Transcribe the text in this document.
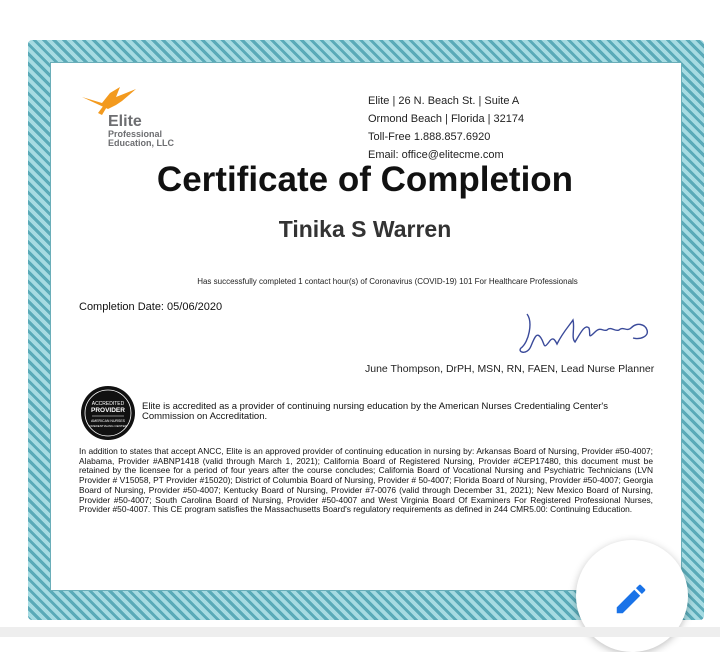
Elite
Professional
Education, LLC
Elite | 26 N. Beach St. | Suite A
Ormond Beach | Florida | 32174
Toll-Free 1.888.857.6920
Email: office@elitecme.com
Certificate of Completion
Tinika S Warren
Has successfully completed 1 contact hour(s) of Coronavirus (COVID-19) 101 For Healthcare Professionals
Completion Date: 05/06/2020
June Thompson, DrPH, MSN, RN, FAEN, Lead Nurse Planner
ACCREDITED
PROVIDER
AMERICAN NURSES
CREDENTIALING CENTER
Elite is accredited as a provider of continuing nursing education by the American Nurses Credentialing Center's Commission on Accreditation.
In addition to states that accept ANCC, Elite is an approved provider of continuing education in nursing by: Arkansas Board of Nursing, Provider #50-4007; Alabama, Provider #ABNP1418 (valid through March 1, 2021); California Board of Registered Nursing, Provider #CEP17480, this document must be retained by the licensee for a period of four years after the course concludes; California Board of Vocational Nursing and Psychiatric Technicians (LVN Provider # V15058, PT Provider #15020); District of Columbia Board of Nursing, Provider # 50-4007; Florida Board of Nursing, Provider #50-4007; Georgia Board of Nursing, Provider #50-4007; Kentucky Board of Nursing, Provider #7-0076 (valid through December 31, 2021); New Mexico Board of Nursing, Provider #50-4007; South Carolina Board of Nursing, Provider #50-4007 and West Virginia Board Of Examiners For Registered Professional Nurses, Provider #50-4007. This CE program satisfies the Massachusetts Board's regulatory requirements as defined in 244 CMR5.00: Continuing Education.
